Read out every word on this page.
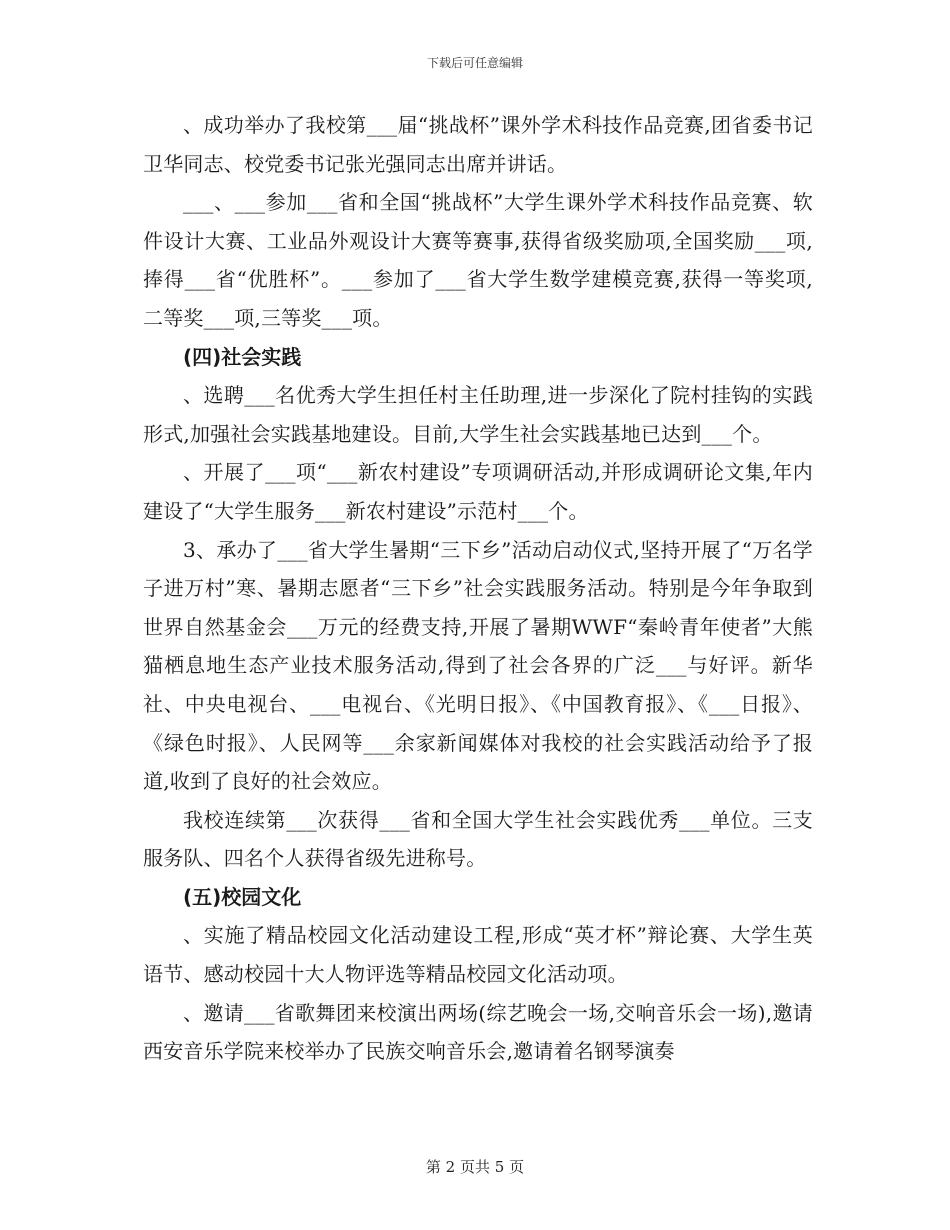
下载后可任意编辑

、成功举办了我校第___届“挑战杯”课外学术科技作品竞赛,团省委书记卫华同志、校党委书记张光强同志出席并讲话。

___、___参加___省和全国“挑战杯”大学生课外学术科技作品竞赛、软件设计大赛、工业品外观设计大赛等赛事,获得省级奖励项,全国奖励___项,捧得___省“优胜杯”。___参加了___省大学生数学建模竞赛,获得一等奖项,二等奖___项,三等奖___项。

(四)社会实践

、选聘___名优秀大学生担任村主任助理,进一步深化了院村挂钩的实践形式,加强社会实践基地建设。目前,大学生社会实践基地已达到___个。

、开展了___项“___新农村建设”专项调研活动,并形成调研论文集,年内建设了“大学生服务___新农村建设”示范村___个。

3、承办了___省大学生暑期“三下乡”活动启动仪式,坚持开展了“万名学子进万村”寒、暑期志愿者“三下乡”社会实践服务活动。特别是今年争取到世界自然基金会___万元的经费支持,开展了暑期WWF“秦岭青年使者”大熊猫栖息地生态产业技术服务活动,得到了社会各界的广泛___与好评。新华社、中央电视台、___电视台、《光明日报》、《中国教育报》、《___日报》、《绿色时报》、人民网等___余家新闻媒体对我校的社会实践活动给予了报道,收到了良好的社会效应。

我校连续第___次获得___省和全国大学生社会实践优秀___单位。三支服务队、四名个人获得省级先进称号。

(五)校园文化

、实施了精品校园文化活动建设工程,形成“英才杯”辩论赛、大学生英语节、感动校园十大人物评选等精品校园文化活动项。

、邀请___省歌舞团来校演出两场(综艺晚会一场,交响音乐会一场),邀请西安音乐学院来校举办了民族交响音乐会,邀请着名钢琴演奏

第 2 页共 5 页
